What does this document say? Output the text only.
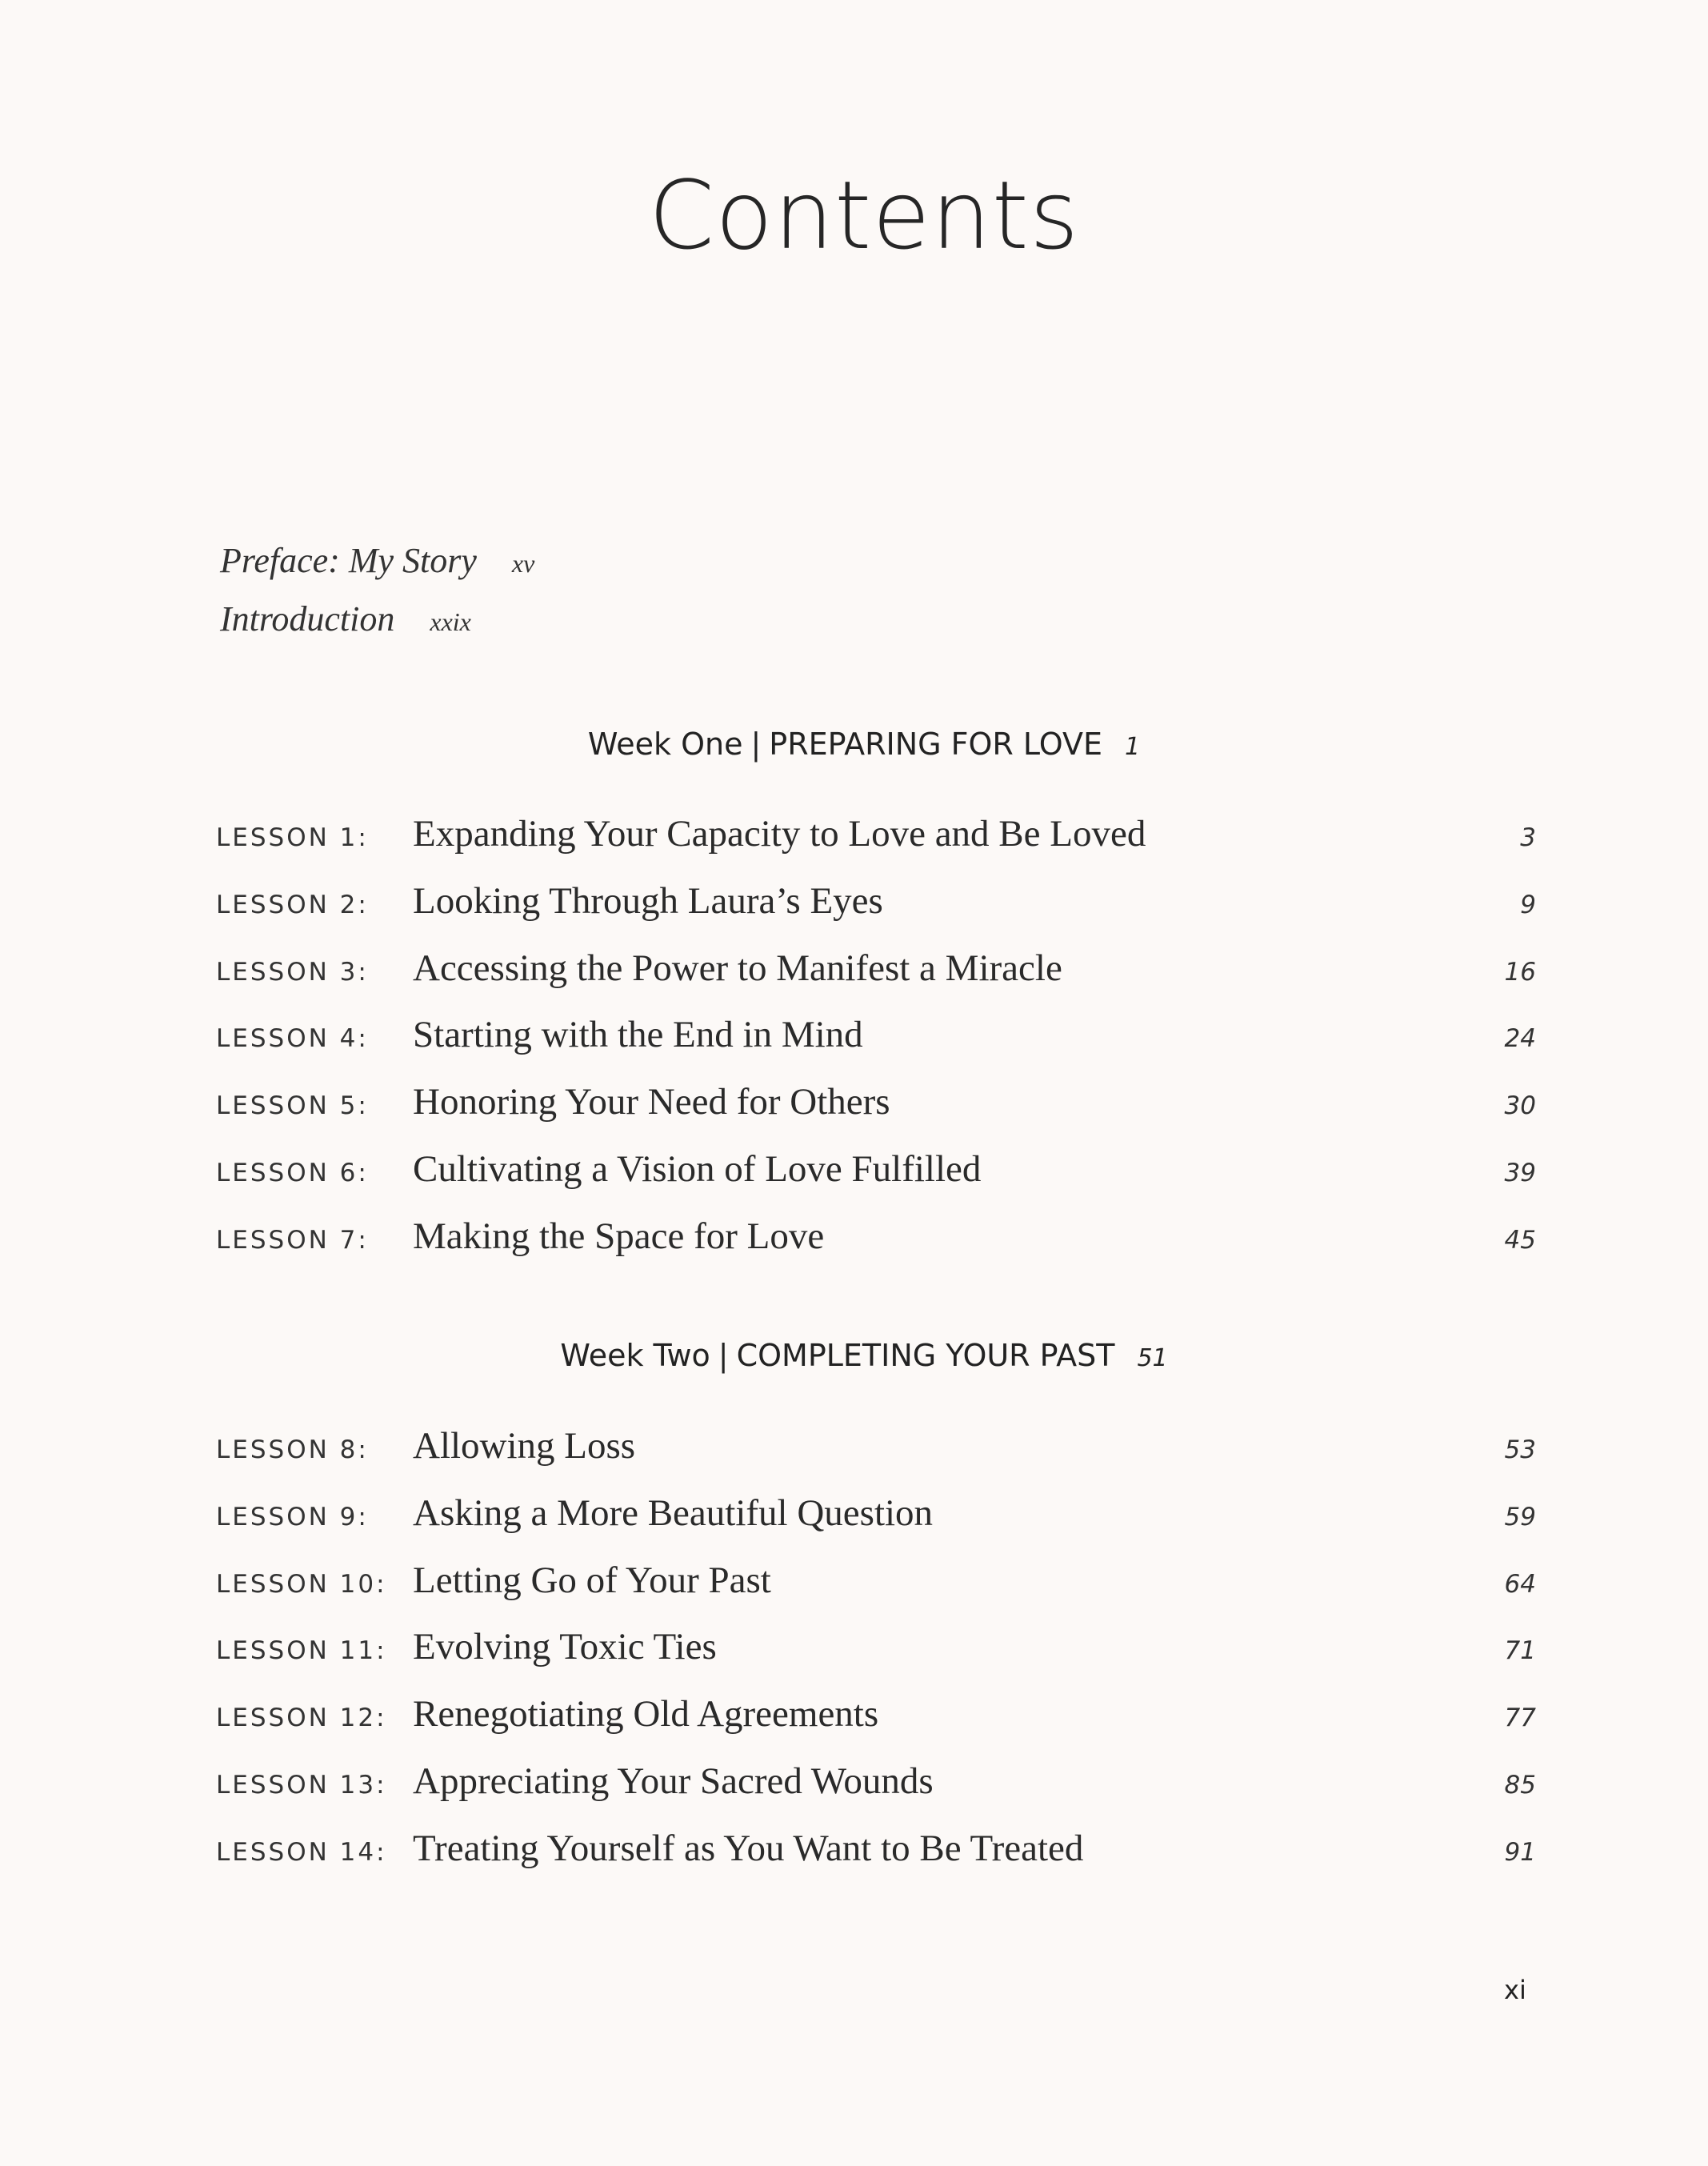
Contents
Preface: My Story xv
Introduction xxix
Week One | PREPARING FOR LOVE 1
LESSON 1: Expanding Your Capacity to Love and Be Loved	3
LESSON 2: Looking Through Laura’s Eyes	9
LESSON 3: Accessing the Power to Manifest a Miracle	16
LESSON 4: Starting with the End in Mind	24
LESSON 5: Honoring Your Need for Others	30
LESSON 6: Cultivating a Vision of Love Fulfilled	39
LESSON 7: Making the Space for Love	45
Week Two | COMPLETING YOUR PAST 51
LESSON 8: Allowing Loss	53
LESSON 9: Asking a More Beautiful Question	59
LESSON 10: Letting Go of Your Past	64
LESSON 11: Evolving Toxic Ties	71
LESSON 12: Renegotiating Old Agreements	77
LESSON 13: Appreciating Your Sacred Wounds	85
LESSON 14: Treating Yourself as You Want to Be Treated	91
xi
